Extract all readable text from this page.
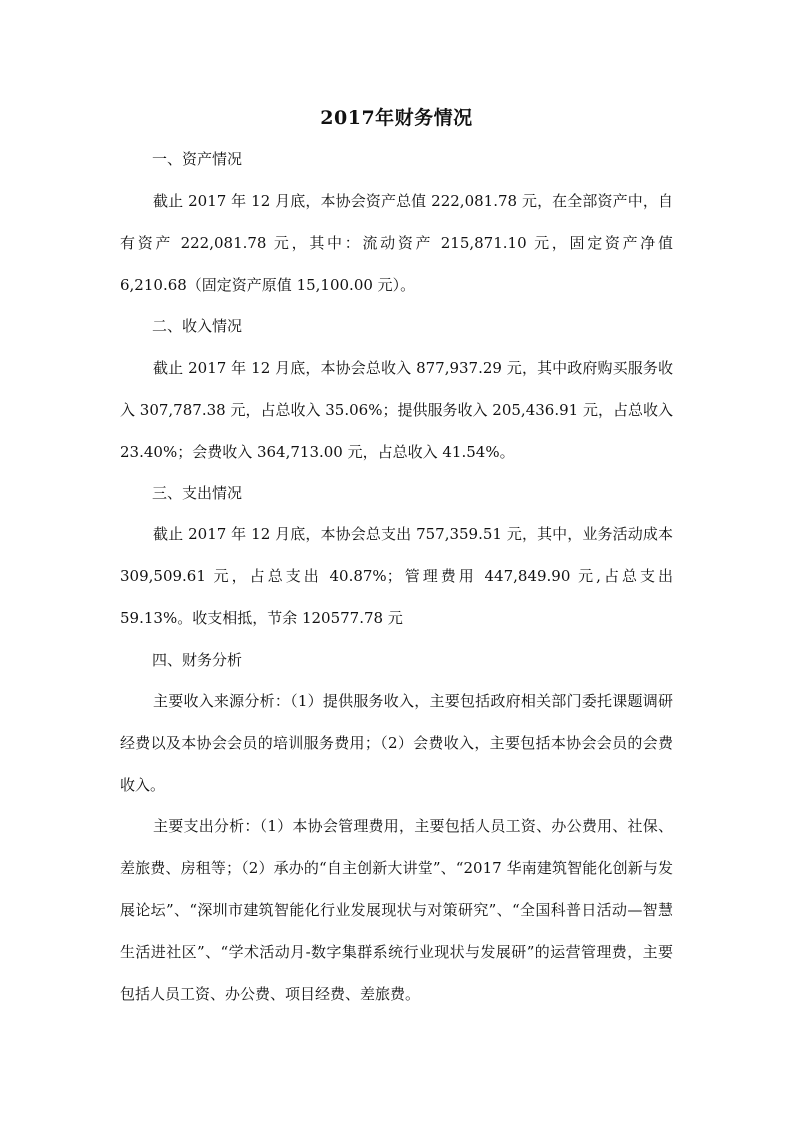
2017年财务情况
一、资产情况

截止 2017 年 12 月底，本协会资产总值 222,081.78 元，在全部资产中，自有资产 222,081.78 元，其中：流动资产 215,871.10 元，固定资产净值 6,210.68（固定资产原值 15,100.00 元）。

二、收入情况

截止 2017 年 12 月底，本协会总收入 877,937.29 元，其中政府购买服务收入 307,787.38 元，占总收入 35.06%；提供服务收入 205,436.91 元，占总收入 23.40%；会费收入 364,713.00 元，占总收入 41.54%。

三、支出情况

截止 2017 年 12 月底，本协会总支出 757,359.51 元，其中，业务活动成本 309,509.61 元，占总支出 40.87%；管理费用 447,849.90 元,占总支出 59.13%。收支相抵，节余 120577.78 元

四、财务分析

主要收入来源分析：（1）提供服务收入，主要包括政府相关部门委托课题调研经费以及本协会会员的培训服务费用；（2）会费收入，主要包括本协会会员的会费收入。

主要支出分析：（1）本协会管理费用，主要包括人员工资、办公费用、社保、差旅费、房租等；（2）承办的“自主创新大讲堂”、“2017 华南建筑智能化创新与发展论坛”、“深圳市建筑智能化行业发展现状与对策研究”、“全国科普日活动—智慧生活进社区”、“学术活动月-数字集群系统行业现状与发展研”的运营管理费，主要包括人员工资、办公费、项目经费、差旅费。
